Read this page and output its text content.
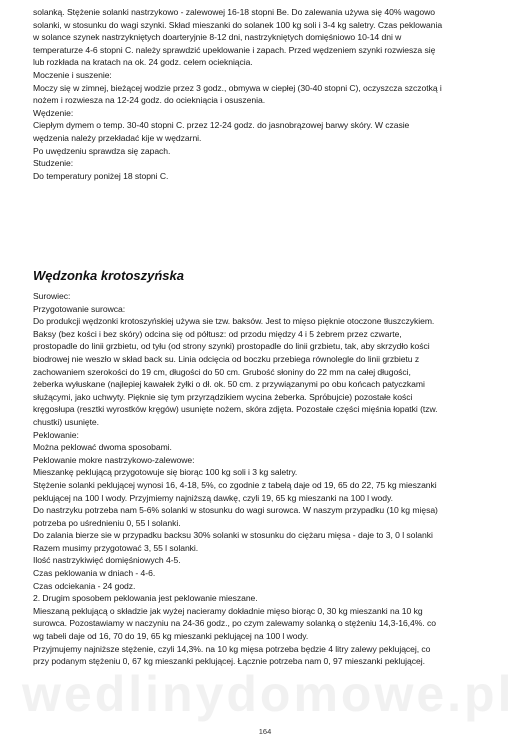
wedlinydomowe.pl

solanką. Stężenie solanki nastrzykowo - zalewowej 16-18 stopni Be. Do zalewania używa się 40% wagowo

solanki, w stosunku do wagi szynki. Skład mieszanki do solanek 100 kg soli i 3-4 kg saletry. Czas peklowania

w solance szynek nastrzykniętych doarteryjnie 8-12 dni, nastrzykniętych domięśniowo 10-14 dni w

temperaturze 4-6 stopni C. należy sprawdzić upeklowanie i zapach. Przed wędzeniem szynki rozwiesza się

lub rozkłada na kratach na ok. 24 godz. celem ociekniącia.

Moczenie i suszenie:

Moczy się w zimnej, bieżącej wodzie przez 3 godz., obmywa w ciepłej (30-40 stopni C), oczyszcza szczotką i

nożem i rozwiesza na 12-24 godz. do ociekniącia i osuszenia.

Wędzenie:

Ciepłym dymem o temp. 30-40 stopni C. przez 12-24 godz. do jasnobrązowej barwy skóry. W czasie

wędzenia należy przekładać kije w wędzarni.

Po uwędzeniu sprawdza się zapach.

Studzenie:

Do temperatury poniżej 18 stopni C.

Wędzonka krotoszyńska

Surowiec:

Przygotowanie surowca:

Do produkcji wędzonki krotoszyńskiej używa sie tzw. baksów. Jest to mięso pięknie otoczone tłuszczykiem.

Baksy (bez kości i bez skóry) odcina się od półtusz: od przodu między 4 i 5 żebrem przez czwarte,

prostopadle do linii grzbietu, od tyłu (od strony szynki) prostopadle do linii grzbietu, tak, aby skrzydło kości

biodrowej nie weszło w skład back su. Linia odcięcia od boczku przebiega równolegle do linii grzbietu z

zachowaniem szerokości do 19 cm, długości do 50 cm. Grubość słoniny do 22 mm na całej długości,

żeberka wyłuskane (najlepiej kawałek żyłki o dł. ok. 50 cm. z przywiązanymi po obu końcach patyczkami

służącymi, jako uchwyty. Pięknie się tym przyrządzikiem wycina żeberka. Sprόbujcie) pozostałe kości

kręgosłupa (resztki wyrostków kręgów) usunięte nożem, skóra zdjęta. Pozostałe części mięśnia łopatki (tzw.

chustki) usunięte.

Peklowanie:

Można peklować dwoma sposobami.

Peklowanie mokre nastrzykowo-zalewowe:

Mieszankę peklującą przygotowuje się biorąc 100 kg soli i 3 kg saletry.

Stężenie solanki peklującej wynosi 16, 4-18, 5%, co zgodnie z tabelą daje od 19, 65 do 22, 75 kg mieszanki

peklującej na 100 l wody. Przyjmiemy najniższą dawkę, czyli 19, 65 kg mieszanki na 100 l wody.

Do nastrzyku potrzeba nam 5-6% solanki w stosunku do wagi surowca. W naszym przypadku (10 kg mięsa)

potrzeba po uśrednieniu 0, 55 l solanki.

Do zalania bierze sie w przypadku backsu 30% solanki w stosunku do ciężaru mięsa - daje to 3, 0 l solanki

Razem musimy przygotować 3, 55 l solanki.

Ilość nastrzykiwięć domięśniowych 4-5.

Czas peklowania w dniach - 4-6.

Czas odciekania - 24 godz.

2. Drugim sposobem peklowania jest peklowanie mieszane.

Mieszaną peklującą o składzie jak wyżej nacieramy dokładnie mięso biorąc 0, 30 kg mieszanki na 10 kg

surowca. Pozostawiamy w naczyniu na 24-36 godz., po czym zalewamy solanką o stężeniu 14,3-16,4%. co

wg tabeli daje od 16, 70 do 19, 65 kg mieszanki peklującej na 100 l wody.

Przyjmujemy najniższe stężenie, czyli 14,3%. na 10 kg mięsa potrzeba będzie 4 litry zalewy peklującej, co

przy podanym stężeniu 0, 67 kg mieszanki peklującej. Łącznie potrzeba nam 0, 97 mieszanki peklującej.

164
